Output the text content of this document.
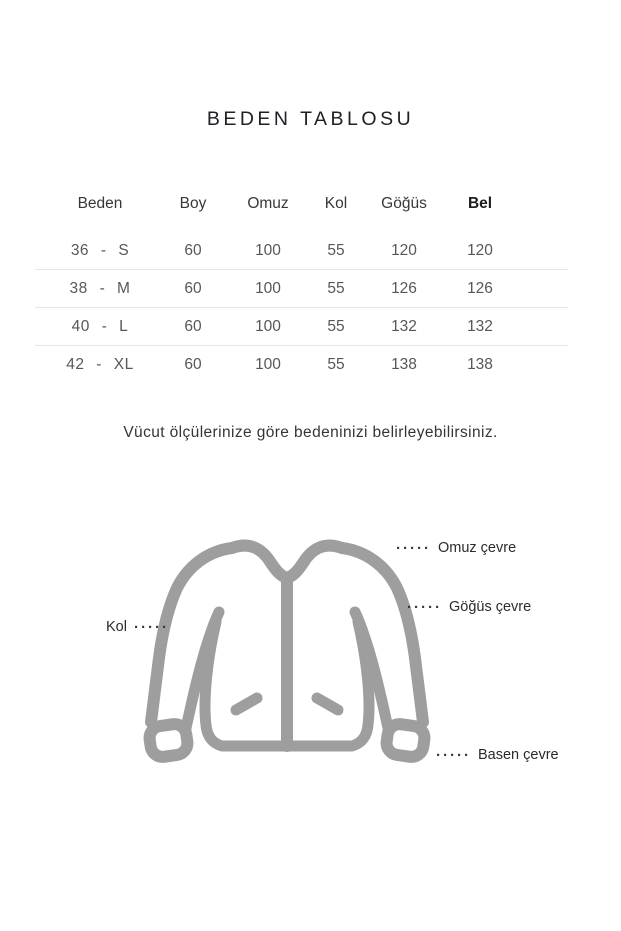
BEDEN TABLOSU
Beden	Boy	Omuz	Kol	Göğüs	Bel
36 - S	60	100	55	120	120
38 - M	60	100	55	126	126
40 - L	60	100	55	132	132
42 - XL	60	100	55	138	138
Vücut ölçülerinize göre bedeninizi belirleyebilirsiniz.
····· Omuz çevre
····· Göğüs çevre
Kol ·····
····· Basen çevre
